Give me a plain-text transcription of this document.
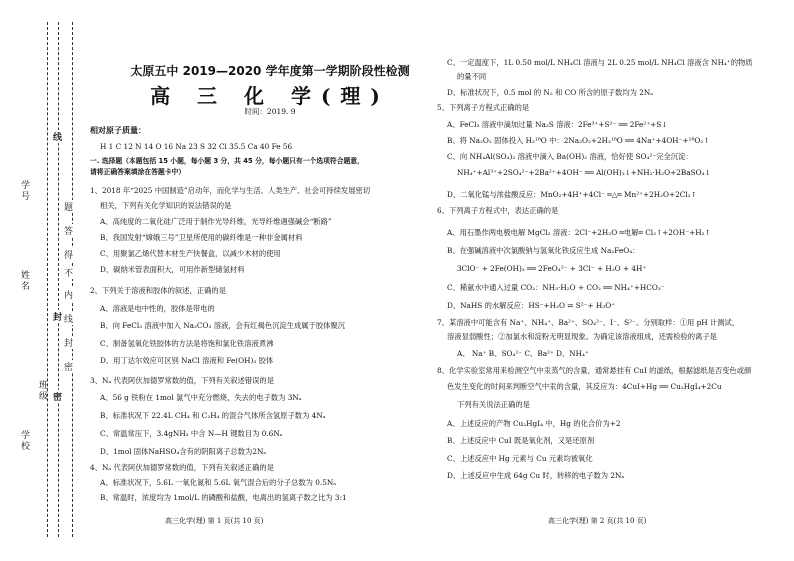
学号
姓名
班级
学校
题
答
得
不
内
线
封
密
线
封
密
太原五中 2019—2020 学年度第一学期阶段性检测
高 三 化 学(理)
时间：2019. 9
相对原子质量：
H 1 C 12 N 14 O 16 Na 23 S 32 Cl 35.5 Ca 40 Fe 56
一. 选择题（本题包括 15 小题，每小题 3 分，共 45 分，每小题只有一个选项符合题意，
请将正确答案填涂在答题卡中）
1、2018 年“2025 中国制造”启动年，而化学与生活、人类生产、社会可持续发展密切
相关，下列有关化学知识的说法错误的是
A、高纯度的二氧化硅广泛用于制作光导纤维，光导纤维遇强碱会“断路”
B、我国发射“嫦娥三号”卫星所使用的碳纤维是一种非金属材料
C、用聚氯乙烯代替木材生产快餐盒，以减少木材的使用
D、碳纳米管表面积大，可用作新型储氢材料
2、下列关于溶液和胶体的叙述，正确的是
A、溶液是电中性的，胶体是带电的
B、向 FeCl₃ 溶液中加入 Na₂CO₃ 溶液，会有红褐色沉淀生成属于胶体聚沉
C、制备氢氧化铁胶体的方法是将饱和氯化铁溶液煮沸
D、用丁达尔效应可区别 NaCl 溶液和 Fe(OH)₃ 胶体
3、Nₐ 代表阿伏加德罗常数的值，下列有关叙述错误的是
A、56 g 铁粉在 1mol 氯气中充分燃烧，失去的电子数为 3Nₐ
B、标准状况下 22.4L CH₄ 和 C₂H₄ 的混合气体所含氢原子数为 4Nₐ
C、常温常压下，3.4gNH₃ 中含 N—H 键数目为 0.6Nₐ
D、1mol 固体NaHSO₄含有的阴阳离子总数为2Nₐ
4、Nₐ 代表阿伏加德罗常数的值，下列有关叙述正确的是
A、标准状况下，5.6L 一氧化氮和 5.6L 氧气混合后的分子总数为 0.5Nₐ
B、常温时，浓度均为 1mol/L 的磷酸和盐酸，电离出的氢离子数之比为 3:1
高三化学(理) 第 1 页(共 10 页)
C、一定温度下，1L 0.50 mol/L NH₄Cl 溶液与 2L 0.25 mol/L NH₄Cl 溶液含 NH₄⁺的物质
的量不同
D、标准状况下，0.5 mol 的 N₂ 和 CO 所含的原子数均为 2Nₐ
5、下列离子方程式正确的是
A、FeCl₃ 溶液中滴加过量 Na₂S 溶液：2Fe³⁺+S²⁻ ══ 2Fe²⁺+S↓
B、将 Na₂O₂ 固体投入 H₂¹⁸O 中：2Na₂O₂+2H₂¹⁸O ══ 4Na⁺+4OH⁻+¹⁸O₂↑
C、向 NH₄Al(SO₄)₂ 溶液中滴入 Ba(OH)₂ 溶液，恰好使 SO₄²⁻完全沉淀：
NH₄⁺+Al³⁺+2SO₄²⁻+2Ba²⁺+4OH⁻ ══ Al(OH)₃↓+NH₃·H₂O+2BaSO₄↓
D、二氧化锰与浓盐酸反应：MnO₂+4H⁺+4Cl⁻ ═△═ Mn²⁺+2H₂O+2Cl₂↑
6、下列离子方程式中，表达正确的是
A、用石墨作两电极电解 MgCl₂ 溶液：2Cl⁻+2H₂O ═电解═ Cl₂↑+2OH⁻+H₂↑
B、在强碱溶液中次氯酸钠与氢氧化铁反应生成 Na₂FeO₄：
3ClO⁻ + 2Fe(OH)₃ ══ 2FeO₄²⁻ + 3Cl⁻ + H₂O + 4H⁺
C、稀氨水中通入过量 CO₂：NH₃·H₂O + CO₂ ══ NH₄⁺+HCO₃⁻
D、NaHS 的水解反应：HS⁻+H₂O ⇌ S²⁻+ H₃O⁺
7、某溶液中可能含有 Na⁺、NH₄⁺、Ba²⁺、SO₄²⁻、I⁻、S²⁻。分别取样：①用 pH 计测试，
溶液显弱酸性；②加氯水和淀粉无明显现象。为确定该溶液组成，还需检验的离子是
A、 Na⁺ B、SO₄²⁻ C、Ba²⁺ D、NH₄⁺
8、化学实验室常用来检测空气中汞蒸气的含量，通常悬挂有 CuI 的滤纸，根据滤纸是否变色或颜
色发生变化的时间来判断空气中汞的含量，其反应为：4CuI+Hg ══ Cu₂HgI₄+2Cu
下列有关说法正确的是
A、上述反应的产物 Cu₂HgI₄ 中，Hg 的化合价为+2
B、上述反应中 CuI 既是氧化剂，又是还原剂
C、上述反应中 Hg 元素与 Cu 元素均被氧化
D、上述反应中生成 64g Cu 时，转移的电子数为 2Nₐ
高三化学(理) 第 2 页(共 10 页)
